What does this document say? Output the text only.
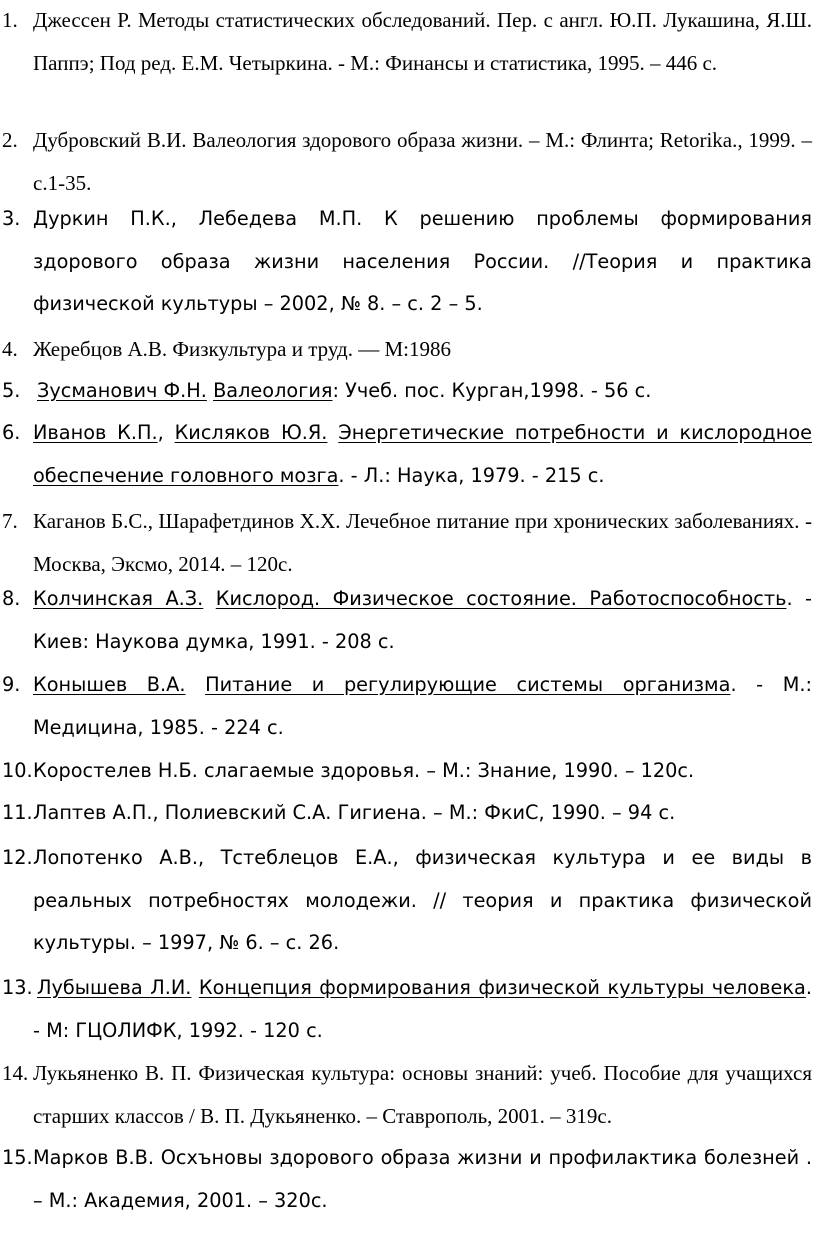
1. Джессен Р. Методы статистических обследований. Пер. с англ. Ю.П. Лукашина, Я.Ш. Паппэ; Под ред. Е.М. Четыркина. - М.: Финансы и статистика, 1995. – 446 с.
2. Дубровский В.И. Валеология здорового образа жизни. – М.: Флинта; Retorika., 1999. – с.1-35.
3. Дуркин П.К., Лебедева М.П. К решению проблемы формирования здорового образа жизни населения России. //Теория и практика физической культуры – 2002, № 8. – с. 2 – 5.
4. Жеребцов А.В. Физкультура и труд. –– М:1986
5. Зусманович Ф.Н. Валеология: Учеб. пос. Курган,1998. - 56 с.
6. Иванов К.П., Кисляков Ю.Я. Энергетические потребности и кислородное обеспечение головного мозга. - Л.: Наука, 1979. - 215 с.
7. Каганов Б.С., Шарафетдинов Х.Х. Лечебное питание при хронических заболеваниях. - Москва, Эксмо, 2014. – 120с.
8. Колчинская А.З. Кислород. Физическое состояние. Работоспособность. - Киев: Наукова думка, 1991. - 208 с.
9. Конышев В.А. Питание и регулирующие системы организма. - М.: Медицина, 1985. - 224 с.
10. Коростелев Н.Б. слагаемые здоровья. – М.: Знание, 1990. – 120с.
11. Лаптев А.П., Полиевский С.А. Гигиена. – М.: ФкиС, 1990. – 94 с.
12. Лопотенко А.В., Тстеблецов Е.А., физическая культура и ее виды в реальных потребностях молодежи. // теория и практика физической культуры. – 1997, № 6. – с. 26.
13. Лубышева Л.И. Концепция формирования физической культуры человека. - М: ГЦОЛИФК, 1992. - 120 с.
14. Лукьяненко В. П. Физическая культура: основы знаний: учеб. Пособие для учащихся старших классов / В. П. Дукьяненко. – Ставрополь, 2001. – 319с.
15. Марков В.В. Осхъновы здорового образа жизни и профилактика болезней . – М.: Академия, 2001. – 320с.
